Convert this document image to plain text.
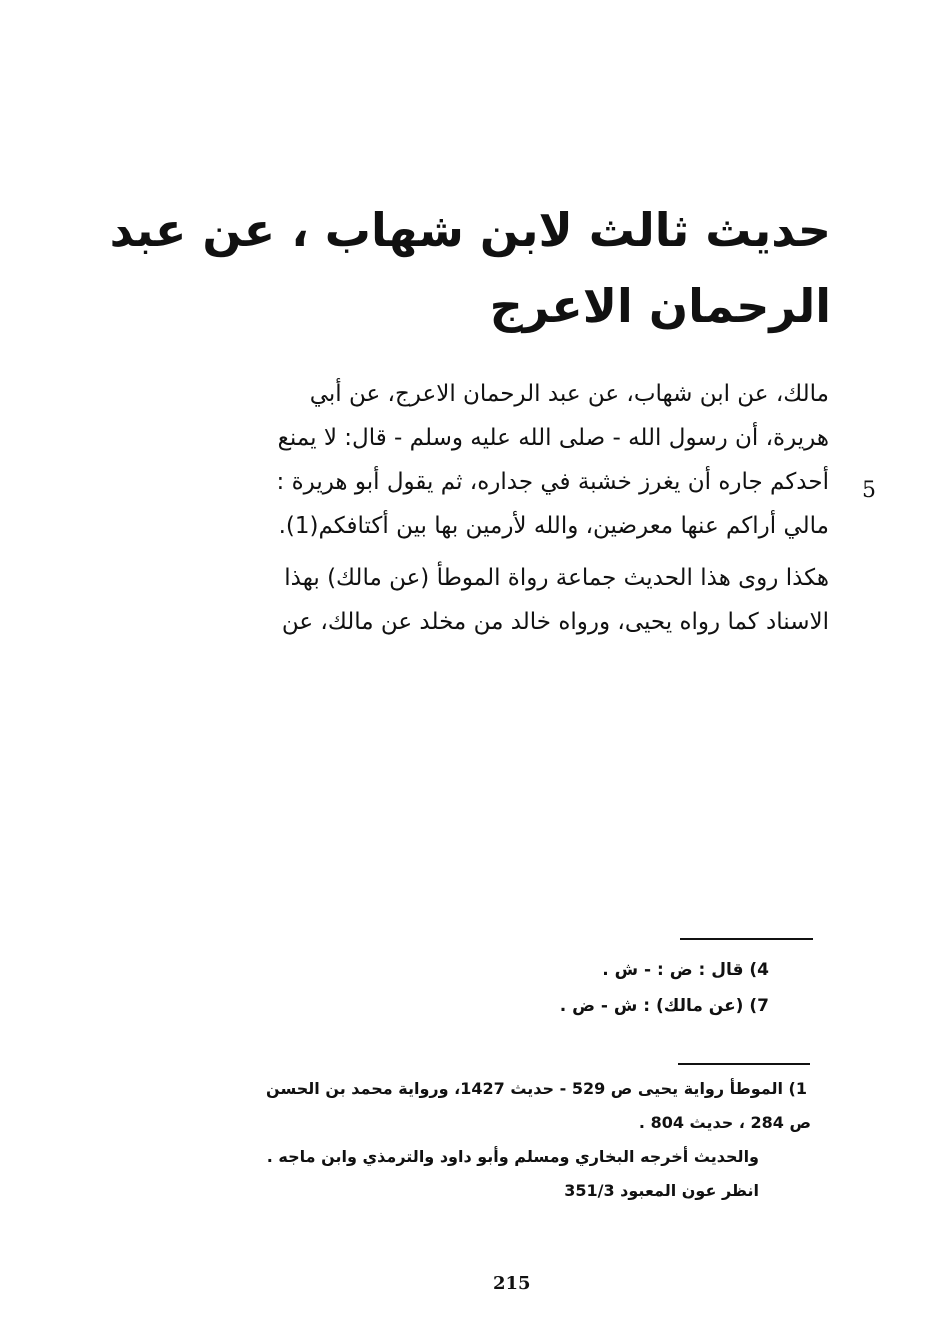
حديث ثالث لابن شهاب ، عن عبد
الرحمان الاعرج
مالك، عن ابن شهاب، عن عبد الرحمان الاعرج، عن أبي
هريرة، أن رسول الله - صلى الله عليه وسلم - قال: لا يمنع
أحدكم جاره أن يغرز خشبة في جداره، ثم يقول أبو هريرة :
مالي أراكم عنها معرضين، والله لأرمين بها بين أكتافكم(1).
هكذا روى هذا الحديث جماعة رواة الموطأ (عن مالك) بهذا
الاسناد كما رواه يحيى، ورواه خالد من مخلد عن مالك، عن
5
4) قال : ض : - ش .
7) (عن مالك) : ش - ض .
1) الموطأ رواية يحيى ص 529 - حديث 1427، ورواية محمد بن الحسن
ص 284 ، حديث 804 .
والحديث أخرجه البخاري ومسلم وأبو داود والترمذي وابن ماجه .
انظر عون المعبود 351/3
215
